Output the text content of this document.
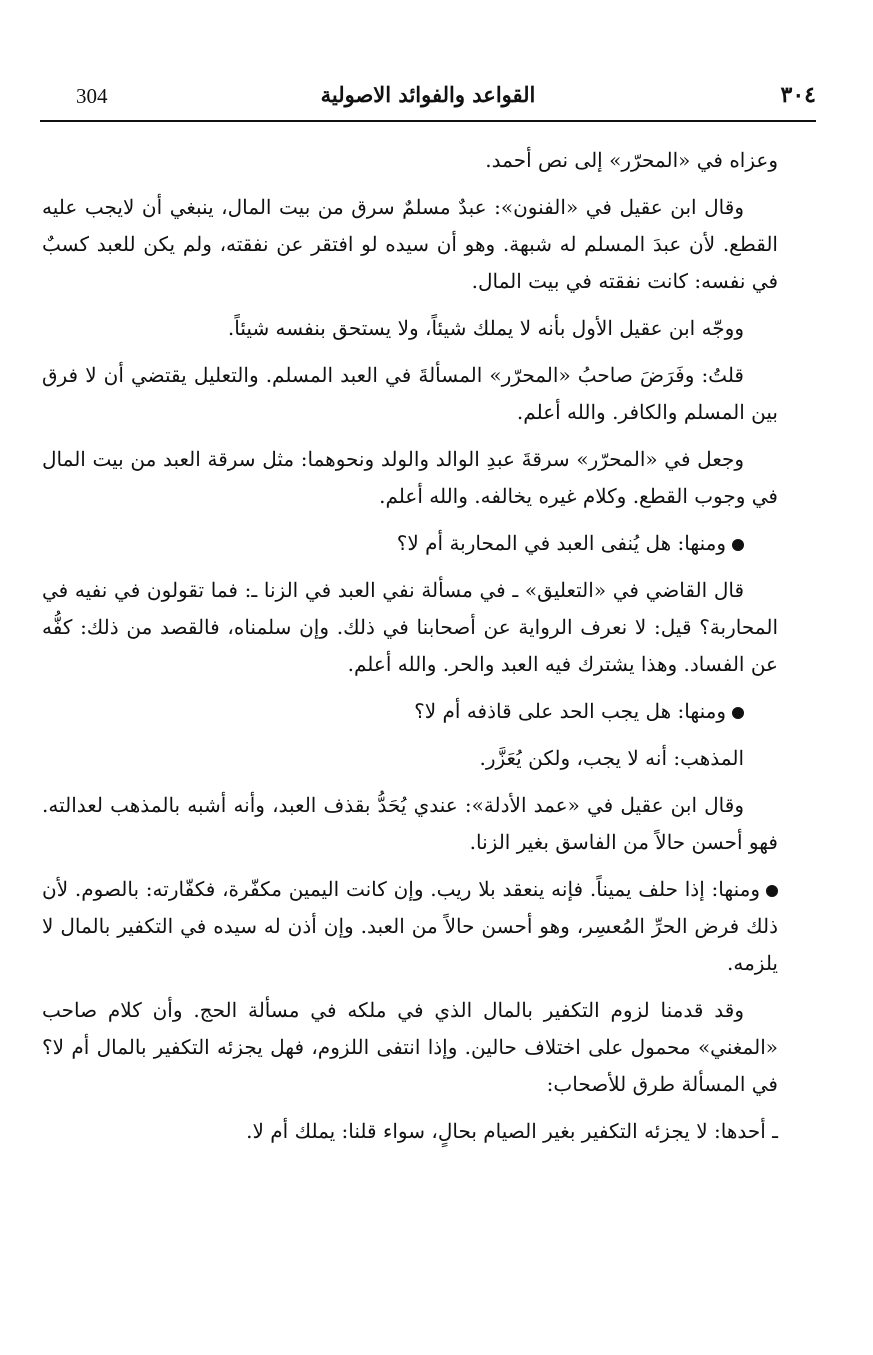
304	القواعد والفوائد الاصولية	٣٠٤

وعزاه في «المحرّر» إلى نص أحمد.

وقال ابن عقيل في «الفنون»: عبدٌ مسلمٌ سرق من بيت المال، ينبغي أن لايجب عليه القطع. لأن عبدَ المسلم له شبهة. وهو أن سيده لو افتقر عن نفقته، ولم يكن للعبد كسبٌ في نفسه: كانت نفقته في بيت المال.

ووجّه ابن عقيل الأول بأنه لا يملك شيئاً، ولا يستحق بنفسه شيئاً.

قلتُ: وفَرَضَ صاحبُ «المحرّر» المسألةَ في العبد المسلم. والتعليل يقتضي أن لا فرق بين المسلم والكافر. والله أعلم.

وجعل في «المحرّر» سرقةَ عبدِ الوالد والولد ونحوهما: مثل سرقة العبد من بيت المال في وجوب القطع. وكلام غيره يخالفه. والله أعلم.

ومنها: هل يُنفى العبد في المحاربة أم لا؟

قال القاضي في «التعليق» ـ في مسألة نفي العبد في الزنا ـ: فما تقولون في نفيه في المحاربة؟ قيل: لا نعرف الرواية عن أصحابنا في ذلك. وإن سلمناه، فالقصد من ذلك: كفُّه عن الفساد. وهذا يشترك فيه العبد والحر. والله أعلم.

ومنها: هل يجب الحد على قاذفه أم لا؟

المذهب: أنه لا يجب، ولكن يُعَزَّر.

وقال ابن عقيل في «عمد الأدلة»: عندي يُحَدُّ بقذف العبد، وأنه أشبه بالمذهب لعدالته. فهو أحسن حالاً من الفاسق بغير الزنا.

ومنها: إذا حلف يميناً. فإنه ينعقد بلا ريب. وإن كانت اليمين مكفّرة، فكفّارته: بالصوم. لأن ذلك فرض الحرِّ المُعسِر، وهو أحسن حالاً من العبد. وإن أذن له سيده في التكفير بالمال لا يلزمه.

وقد قدمنا لزوم التكفير بالمال الذي في ملكه في مسألة الحج. وأن كلام صاحب «المغني» محمول على اختلاف حالين. وإذا انتفى اللزوم، فهل يجزئه التكفير بالمال أم لا؟ في المسألة طرق للأصحاب:

ـ أحدها: لا يجزئه التكفير بغير الصيام بحالٍ، سواء قلنا: يملك أم لا.
